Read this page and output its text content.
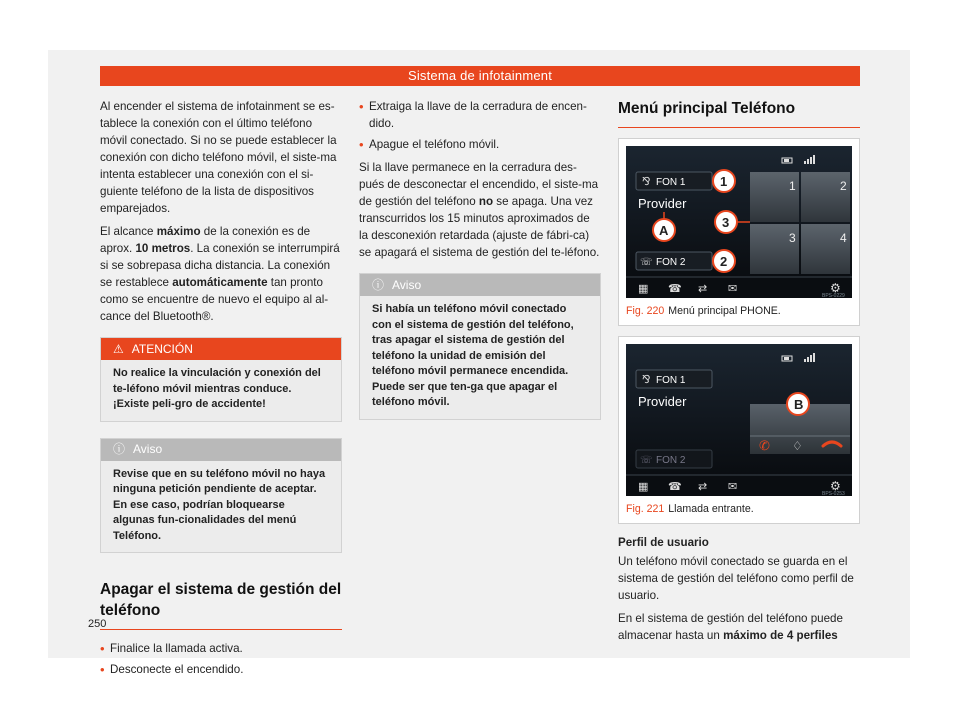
Sistema de infotainment

Al encender el sistema de infotainment se es-tablece la conexión con el último teléfono móvil conectado. Si no se puede establecer la conexión con dicho teléfono móvil, el siste-ma intenta establecer una conexión con el si-guiente teléfono de la lista de dispositivos emparejados.

El alcance máximo de la conexión es de aprox. 10 metros. La conexión se interrumpirá si se sobrepasa dicha distancia. La conexión se restablece automáticamente tan pronto como se encuentre de nuevo el equipo al al-cance del Bluetooth®.

⚠ ATENCIÓN
No realice la vinculación y conexión del te-léfono móvil mientras conduce. ¡Existe peli-gro de accidente!
ⓘ Aviso
Revise que en su teléfono móvil no haya ninguna petición pendiente de aceptar. En ese caso, podrían bloquearse algunas fun-cionalidades del menú Teléfono.
Apagar el sistema de gestión del teléfono
• Finalice la llamada activa.
• Desconecte el encendido.
• Extraiga la llave de la cerradura de encen-dido.
• Apague el teléfono móvil.

Si la llave permanece en la cerradura des-pués de desconectar el encendido, el siste-ma de gestión del teléfono no se apaga. Una vez transcurridos los 15 minutos aproximados de la desconexión retardada (ajuste de fábri-ca) se apagará el sistema de gestión del te-léfono.

ⓘ Aviso
Si había un teléfono móvil conectado con el sistema de gestión del teléfono, tras apagar el sistema de gestión del teléfono la unidad de emisión del teléfono móvil permanece encendida. Puede ser que ten-ga que apagar el teléfono móvil.
Menú principal Teléfono
⅋ FON 1
Provider
☏ FON 2
1	2
3	4
1
2
3
A
▦ ☎ ⇄ ✉	⚙
BPS-0229
Fig. 220 Menú principal PHONE.
⅋ FON 1
Provider
☏ FON 2
✆ ♢
B
▦ ☎ ⇄ ✉	⚙
BPS-0253
Fig. 221 Llamada entrante.
Perfil de usuario

Un teléfono móvil conectado se guarda en el sistema de gestión del teléfono como perfil de usuario.

En el sistema de gestión del teléfono puede almacenar hasta un máximo de 4 perfiles

250
